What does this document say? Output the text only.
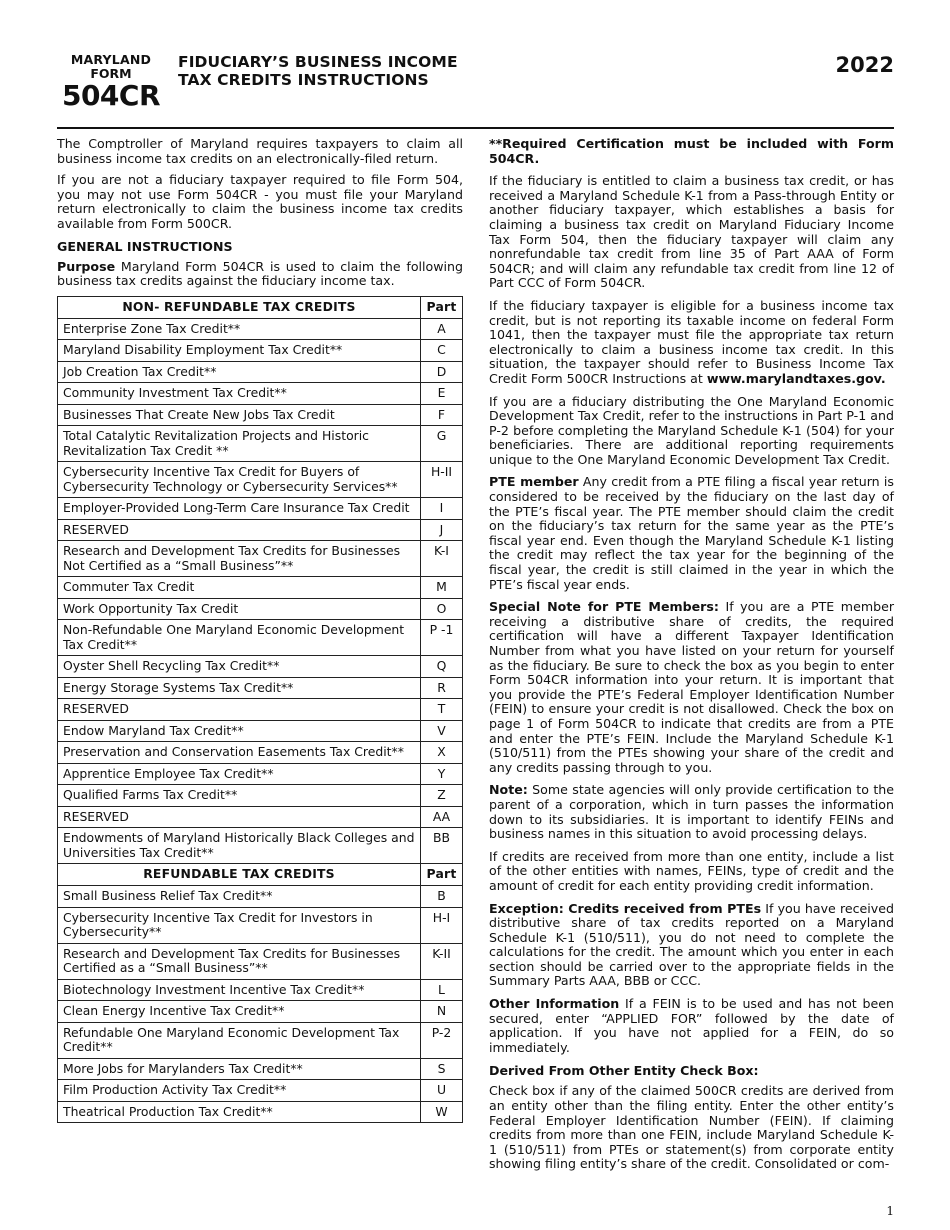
MARYLAND
FORM
504CR
FIDUCIARY’S BUSINESS INCOME
TAX CREDITS INSTRUCTIONS
2022

The Comptroller of Maryland requires taxpayers to claim all business income tax credits on an electronically-filed return.

If you are not a fiduciary taxpayer required to file Form 504, you may not use Form 504CR - you must file your Maryland return electronically to claim the business income tax credits available from Form 500CR.

GENERAL INSTRUCTIONS

Purpose Maryland Form 504CR is used to claim the following business tax credits against the fiduciary income tax.

NON- REFUNDABLE TAX CREDITS	Part
Enterprise Zone Tax Credit**	A
Maryland Disability Employment Tax Credit**	C
Job Creation Tax Credit**	D
Community Investment Tax Credit**	E
Businesses That Create New Jobs Tax Credit	F
Total Catalytic Revitalization Projects and Historic Revitalization Tax Credit **	G
Cybersecurity Incentive Tax Credit for Buyers of Cybersecurity Technology or Cybersecurity Services**	H-II
Employer-Provided Long-Term Care Insurance Tax Credit	I
RESERVED	J
Research and Development Tax Credits for Businesses Not Certified as a “Small Business”**	K-I
Commuter Tax Credit	M
Work Opportunity Tax Credit	O
Non-Refundable One Maryland Economic Development Tax Credit**	P -1
Oyster Shell Recycling Tax Credit**	Q
Energy Storage Systems Tax Credit**	R
RESERVED	T
Endow Maryland Tax Credit**	V
Preservation and Conservation Easements Tax Credit**	X
Apprentice Employee Tax Credit**	Y
Qualified Farms Tax Credit**	Z
RESERVED	AA
Endowments of Maryland Historically Black Colleges and Universities Tax Credit**	BB
REFUNDABLE TAX CREDITS	Part
Small Business Relief Tax Credit**	B
Cybersecurity Incentive Tax Credit for Investors in Cybersecurity**	H-I
Research and Development Tax Credits for Businesses Certified as a “Small Business”**	K-II
Biotechnology Investment Incentive Tax Credit**	L
Clean Energy Incentive Tax Credit**	N
Refundable One Maryland Economic Development Tax Credit**	P-2
More Jobs for Marylanders Tax Credit**	S
Film Production Activity Tax Credit**	U
Theatrical Production Tax Credit**	W

**Required Certification must be included with Form 504CR.

If the fiduciary is entitled to claim a business tax credit, or has received a Maryland Schedule K-1 from a Pass-through Entity or another fiduciary taxpayer, which establishes a basis for claiming a business tax credit on Maryland Fiduciary Income Tax Form 504, then the fiduciary taxpayer will claim any nonrefundable tax credit from line 35 of Part AAA of Form 504CR; and will claim any refundable tax credit from line 12 of Part CCC of Form 504CR.

If the fiduciary taxpayer is eligible for a business income tax credit, but is not reporting its taxable income on federal Form 1041, then the taxpayer must file the appropriate tax return electronically to claim a business income tax credit. In this situation, the taxpayer should refer to Business Income Tax Credit Form 500CR Instructions at www.marylandtaxes.gov.

If you are a fiduciary distributing the One Maryland Economic Development Tax Credit, refer to the instructions in Part P-1 and P-2 before completing the Maryland Schedule K-1 (504) for your beneficiaries. There are additional reporting requirements unique to the One Maryland Economic Development Tax Credit.

PTE member Any credit from a PTE filing a fiscal year return is considered to be received by the fiduciary on the last day of the PTE’s fiscal year. The PTE member should claim the credit on the fiduciary’s tax return for the same year as the PTE’s fiscal year end. Even though the Maryland Schedule K-1 listing the credit may reflect the tax year for the beginning of the fiscal year, the credit is still claimed in the year in which the PTE’s fiscal year ends.

Special Note for PTE Members: If you are a PTE member receiving a distributive share of credits, the required certification will have a different Taxpayer Identification Number from what you have listed on your return for yourself as the fiduciary. Be sure to check the box as you begin to enter Form 504CR information into your return. It is important that you provide the PTE’s Federal Employer Identification Number (FEIN) to ensure your credit is not disallowed. Check the box on page 1 of Form 504CR to indicate that credits are from a PTE and enter the PTE’s FEIN. Include the Maryland Schedule K-1 (510/511) from the PTEs showing your share of the credit and any credits passing through to you.

Note: Some state agencies will only provide certification to the parent of a corporation, which in turn passes the information down to its subsidiaries. It is important to identify FEINs and business names in this situation to avoid processing delays.

If credits are received from more than one entity, include a list of the other entities with names, FEINs, type of credit and the amount of credit for each entity providing credit information.

Exception: Credits received from PTEs If you have received distributive share of tax credits reported on a Maryland Schedule K-1 (510/511), you do not need to complete the calculations for the credit. The amount which you enter in each section should be carried over to the appropriate fields in the Summary Parts AAA, BBB or CCC.

Other Information If a FEIN is to be used and has not been secured, enter “APPLIED FOR” followed by the date of application. If you have not applied for a FEIN, do so immediately.

Derived From Other Entity Check Box:

Check box if any of the claimed 500CR credits are derived from an entity other than the filing entity. Enter the other entity’s Federal Employer Identification Number (FEIN). If claiming credits from more than one FEIN, include Maryland Schedule K-1 (510/511) from PTEs or statement(s) from corporate entity showing filing entity’s share of the credit. Consolidated or com-

1
